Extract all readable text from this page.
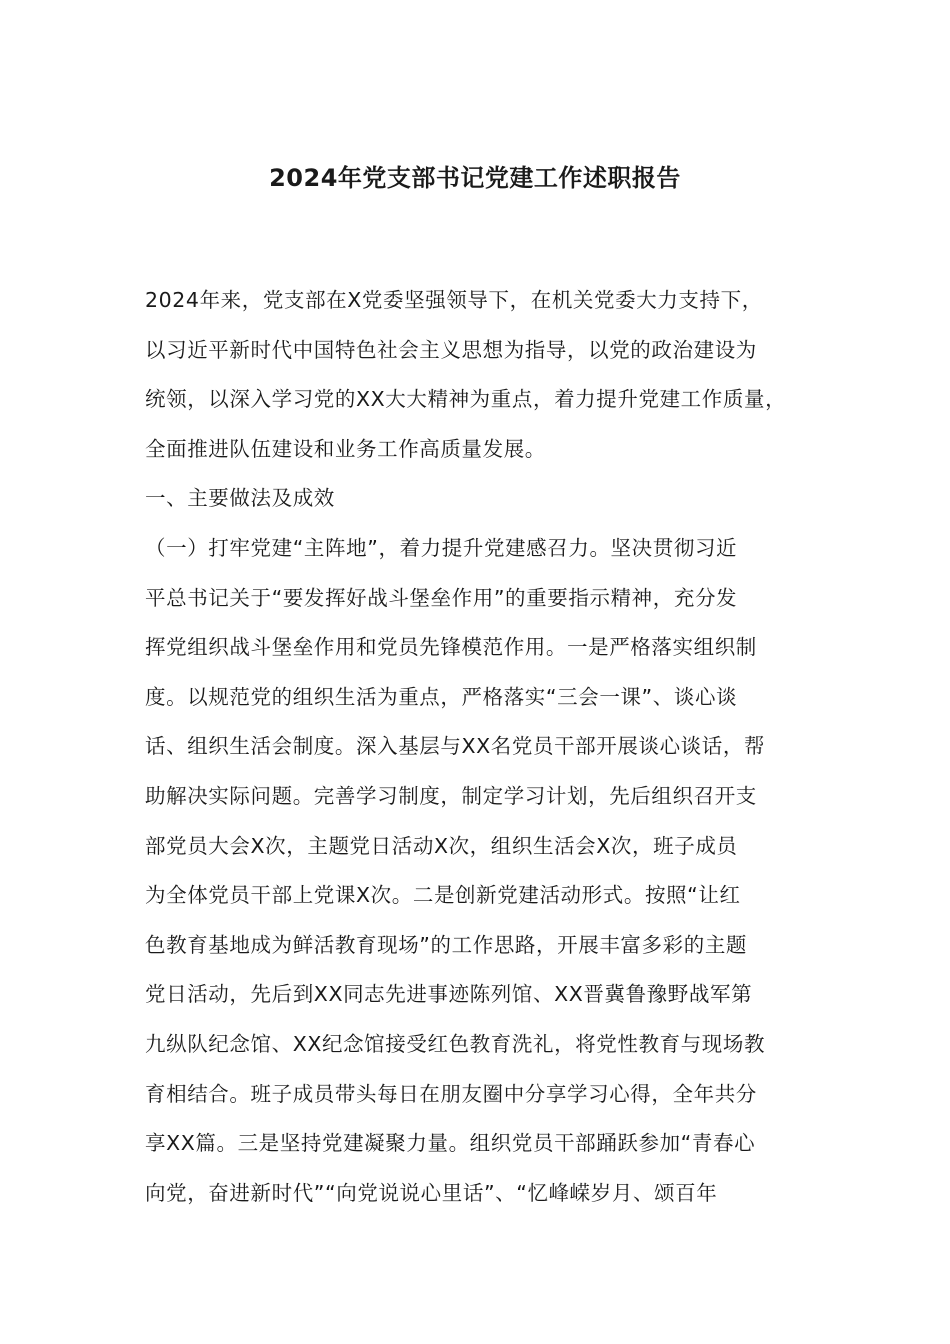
2024年党支部书记党建工作述职报告
2024年来，党支部在X党委坚强领导下，在机关党委大力支持下，
以习近平新时代中国特色社会主义思想为指导，以党的政治建设为
统领，以深入学习党的XX大大精神为重点，着力提升党建工作质量，
全面推进队伍建设和业务工作高质量发展。
一、主要做法及成效
（一）打牢党建“主阵地”，着力提升党建感召力。坚决贯彻习近
平总书记关于“要发挥好战斗堡垒作用”的重要指示精神，充分发
挥党组织战斗堡垒作用和党员先锋模范作用。一是严格落实组织制
度。以规范党的组织生活为重点，严格落实“三会一课”、谈心谈
话、组织生活会制度。深入基层与XX名党员干部开展谈心谈话，帮
助解决实际问题。完善学习制度，制定学习计划，先后组织召开支
部党员大会X次，主题党日活动X次，组织生活会X次，班子成员
为全体党员干部上党课X次。二是创新党建活动形式。按照“让红
色教育基地成为鲜活教育现场”的工作思路，开展丰富多彩的主题
党日活动，先后到XX同志先进事迹陈列馆、XX晋冀鲁豫野战军第
九纵队纪念馆、XX纪念馆接受红色教育洗礼，将党性教育与现场教
育相结合。班子成员带头每日在朋友圈中分享学习心得，全年共分
享XX篇。三是坚持党建凝聚力量。组织党员干部踊跃参加“青春心
向党，奋进新时代”“向党说说心里话”、“忆峰嵘岁月、颂百年
